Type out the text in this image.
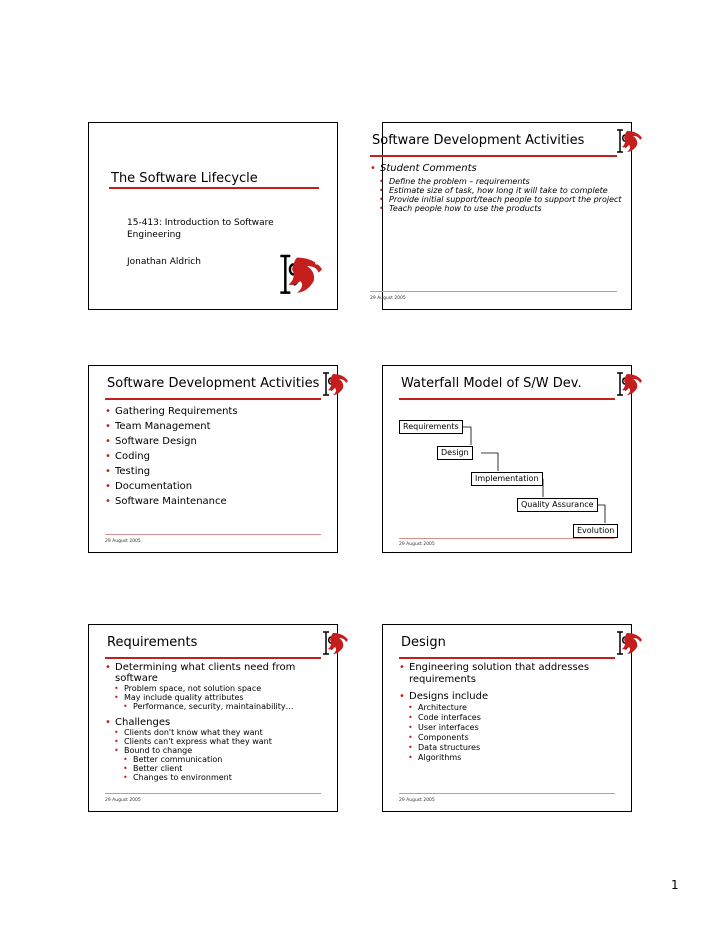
The Software Lifecycle
15-413: Introduction to Software Engineering
Jonathan Aldrich
Software Development Activities
• Student Comments
• Define the problem – requirements
• Estimate size of task, how long it will take to complete
• Provide initial support/teach people to support the project
• Teach people how to use the products
29 August 2005
Software Development Activities
• Gathering Requirements
• Team Management
• Software Design
• Coding
• Testing
• Documentation
• Software Maintenance
29 August 2005
Waterfall Model of S/W Dev.
Requirements
Design
Implementation
Quality Assurance
Evolution
29 August 2005
Requirements
• Determining what clients need from software
• Problem space, not solution space
• May include quality attributes
• Performance, security, maintainability…
• Challenges
• Clients don't know what they want
• Clients can't express what they want
• Bound to change
• Better communication
• Better client
• Changes to environment
29 August 2005
Design
• Engineering solution that addresses requirements
• Designs include
• Architecture
• Code interfaces
• User interfaces
• Components
• Data structures
• Algorithms
29 August 2005
1
